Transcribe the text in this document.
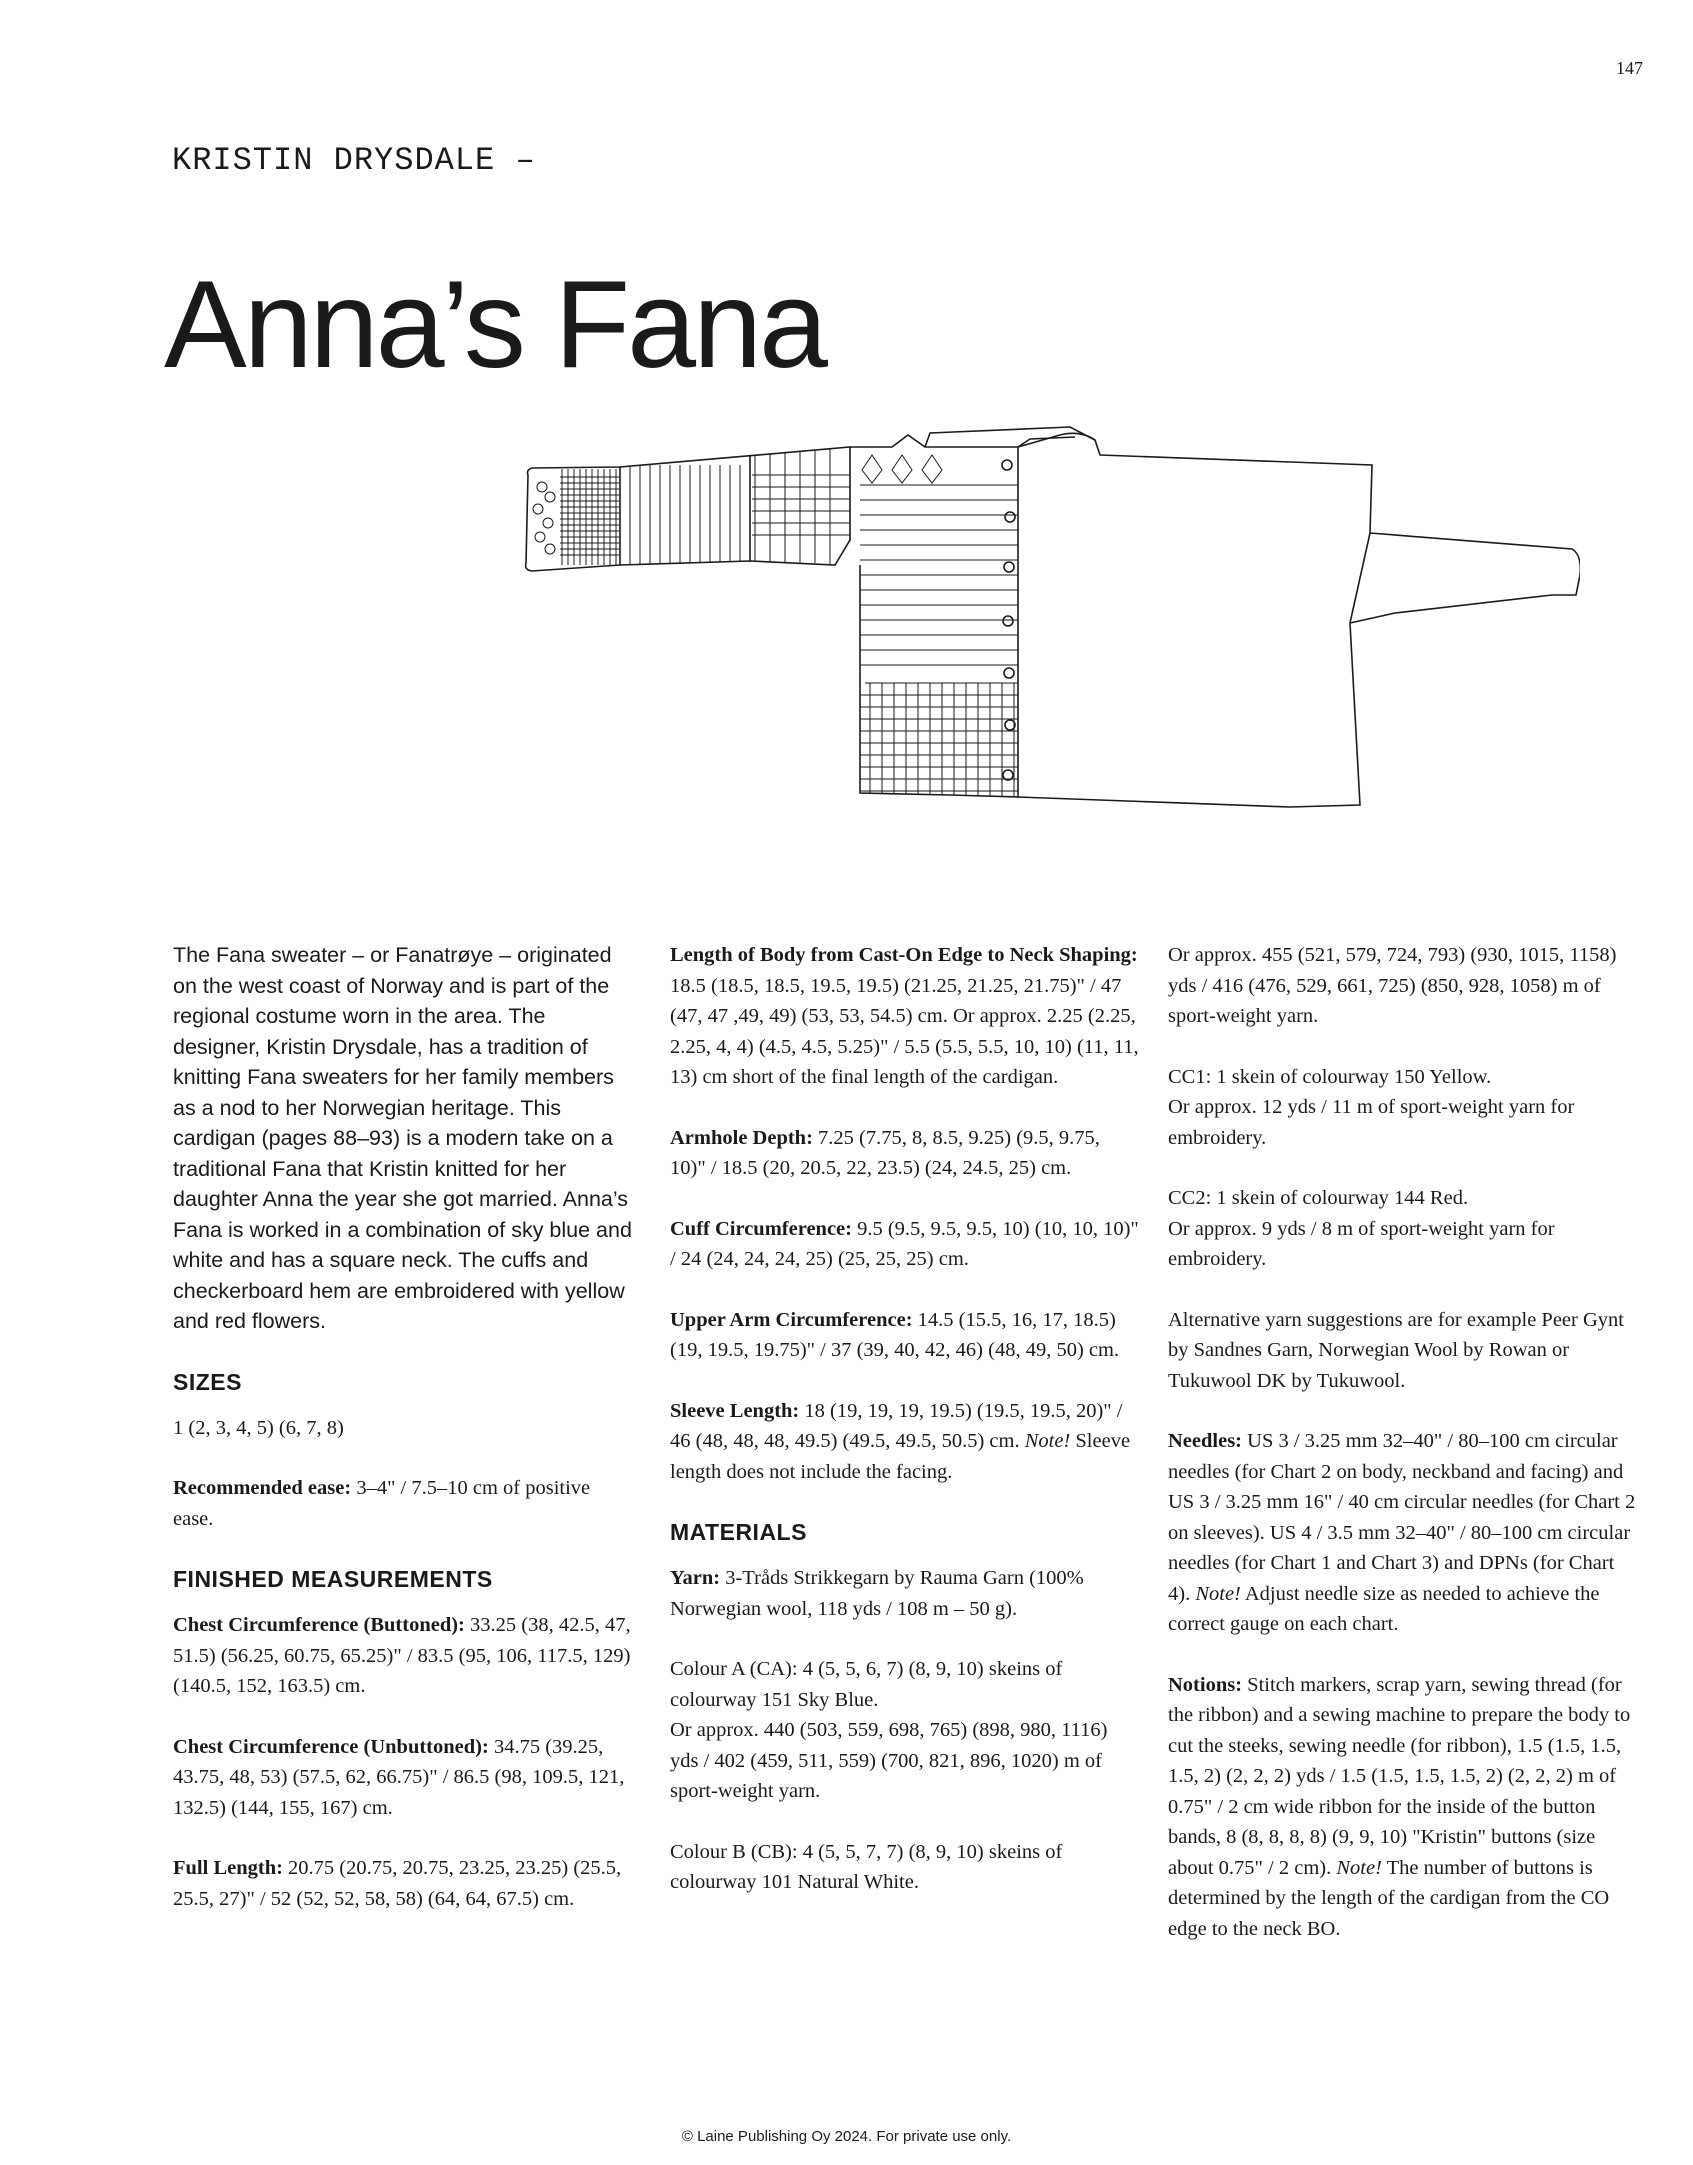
147
KRISTIN DRYSDALE –
Anna’s Fana

The Fana sweater – or Fanatrøye – originated on the west coast of Norway and is part of the regional costume worn in the area. The designer, Kristin Drysdale, has a tradition of knitting Fana sweaters for her family members as a nod to her Norwegian heritage. This cardigan (pages 88–93) is a modern take on a traditional Fana that Kristin knitted for her daughter Anna the year she got married. Anna’s Fana is worked in a combination of sky blue and white and has a square neck. The cuffs and checkerboard hem are embroidered with yellow and red flowers.

SIZES

1 (2, 3, 4, 5) (6, 7, 8)

Recommended ease: 3–4" / 7.5–10 cm of positive ease.

FINISHED MEASUREMENTS

Chest Circumference (Buttoned): 33.25 (38, 42.5, 47, 51.5) (56.25, 60.75, 65.25)" / 83.5 (95, 106, 117.5, 129) (140.5, 152, 163.5) cm.

Chest Circumference (Unbuttoned): 34.75 (39.25, 43.75, 48, 53) (57.5, 62, 66.75)" / 86.5 (98, 109.5, 121, 132.5) (144, 155, 167) cm.

Full Length: 20.75 (20.75, 20.75, 23.25, 23.25) (25.5, 25.5, 27)" / 52 (52, 52, 58, 58) (64, 64, 67.5) cm.

Length of Body from Cast-On Edge to Neck Shaping: 18.5 (18.5, 18.5, 19.5, 19.5) (21.25, 21.25, 21.75)" / 47 (47, 47 ,49, 49) (53, 53, 54.5) cm. Or approx. 2.25 (2.25, 2.25, 4, 4) (4.5, 4.5, 5.25)" / 5.5 (5.5, 5.5, 10, 10) (11, 11, 13) cm short of the final length of the cardigan.

Armhole Depth: 7.25 (7.75, 8, 8.5, 9.25) (9.5, 9.75, 10)" / 18.5 (20, 20.5, 22, 23.5) (24, 24.5, 25) cm.

Cuff Circumference: 9.5 (9.5, 9.5, 9.5, 10) (10, 10, 10)" / 24 (24, 24, 24, 25) (25, 25, 25) cm.

Upper Arm Circumference: 14.5 (15.5, 16, 17, 18.5) (19, 19.5, 19.75)" / 37 (39, 40, 42, 46) (48, 49, 50) cm.

Sleeve Length: 18 (19, 19, 19, 19.5) (19.5, 19.5, 20)" / 46 (48, 48, 48, 49.5) (49.5, 49.5, 50.5) cm. Note! Sleeve length does not include the facing.

MATERIALS

Yarn: 3-Tråds Strikkegarn by Rauma Garn (100% Norwegian wool, 118 yds / 108 m – 50 g).

Colour A (CA): 4 (5, 5, 6, 7) (8, 9, 10) skeins of colourway 151 Sky Blue.
Or approx. 440 (503, 559, 698, 765) (898, 980, 1116) yds / 402 (459, 511, 559) (700, 821, 896, 1020) m of sport-weight yarn.

Colour B (CB): 4 (5, 5, 7, 7) (8, 9, 10) skeins of colourway 101 Natural White.

Or approx. 455 (521, 579, 724, 793) (930, 1015, 1158) yds / 416 (476, 529, 661, 725) (850, 928, 1058) m of sport-weight yarn.

CC1: 1 skein of colourway 150 Yellow.
Or approx. 12 yds / 11 m of sport-weight yarn for embroidery.

CC2: 1 skein of colourway 144 Red.
Or approx. 9 yds / 8 m of sport-weight yarn for embroidery.

Alternative yarn suggestions are for example Peer Gynt by Sandnes Garn, Norwegian Wool by Rowan or Tukuwool DK by Tukuwool.

Needles: US 3 / 3.25 mm 32–40" / 80–100 cm circular needles (for Chart 2 on body, neckband and facing) and US 3 / 3.25 mm 16" / 40 cm circular needles (for Chart 2 on sleeves). US 4 / 3.5 mm 32–40" / 80–100 cm circular needles (for Chart 1 and Chart 3) and DPNs (for Chart 4). Note! Adjust needle size as needed to achieve the correct gauge on each chart.

Notions: Stitch markers, scrap yarn, sewing thread (for the ribbon) and a sewing machine to prepare the body to cut the steeks, sewing needle (for ribbon), 1.5 (1.5, 1.5, 1.5, 2) (2, 2, 2) yds / 1.5 (1.5, 1.5, 1.5, 2) (2, 2, 2) m of 0.75" / 2 cm wide ribbon for the inside of the button bands, 8 (8, 8, 8, 8) (9, 9, 10) "Kristin" buttons (size about 0.75" / 2 cm). Note! The number of buttons is determined by the length of the cardigan from the CO edge to the neck BO.

© Laine Publishing Oy 2024. For private use only.
